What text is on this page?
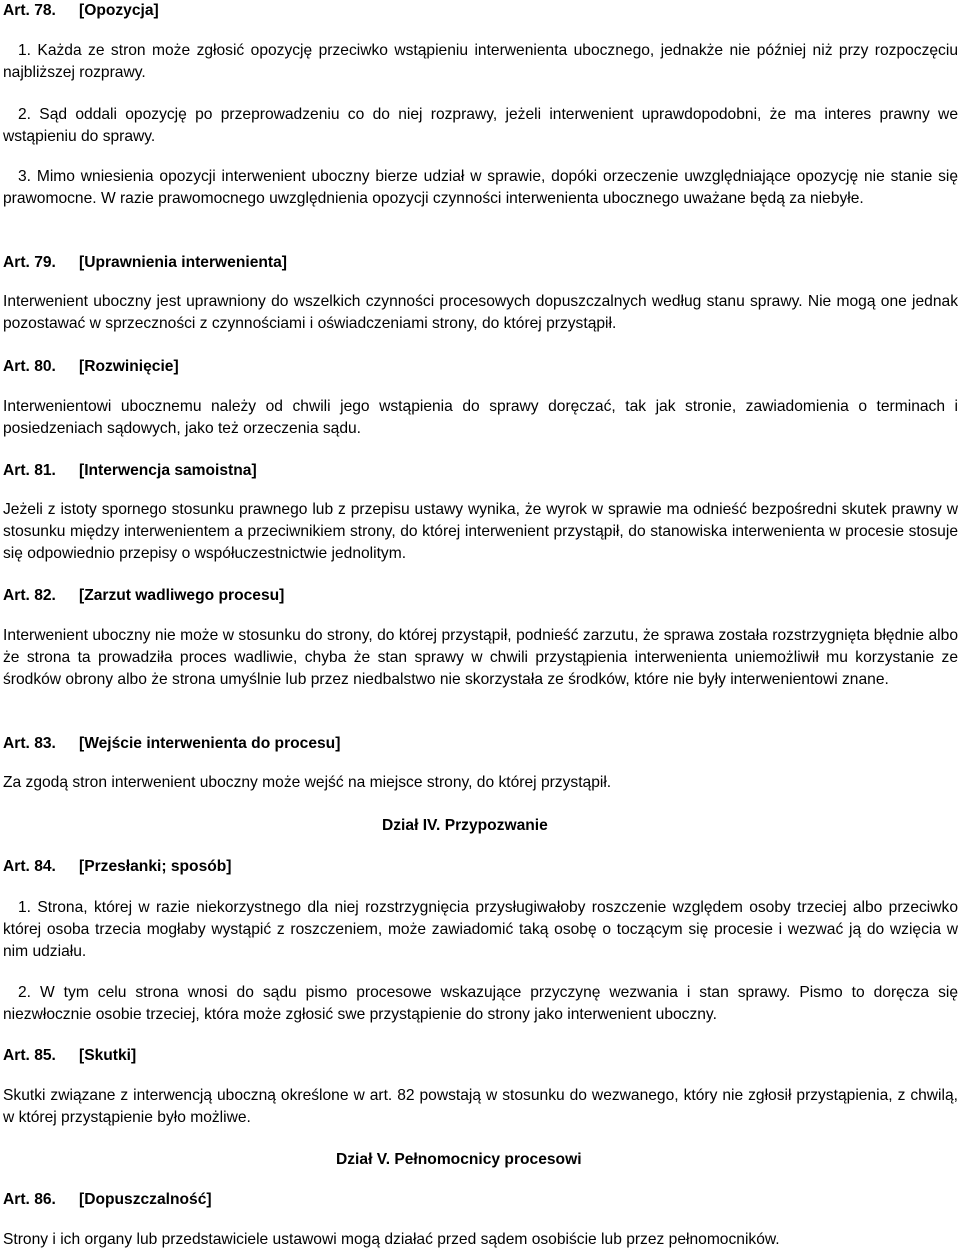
Art. 78. [Opozycja]

1. Każda ze stron może zgłosić opozycję przeciwko wstąpieniu interwenienta ubocznego, jednakże nie później niż przy rozpoczęciu najbliższej rozprawy.

2. Sąd oddali opozycję po przeprowadzeniu co do niej rozprawy, jeżeli interwenient uprawdopodobni, że ma interes prawny we wstąpieniu do sprawy.

3. Mimo wniesienia opozycji interwenient uboczny bierze udział w sprawie, dopóki orzeczenie uwzględniające opozycję nie stanie się prawomocne. W razie prawomocnego uwzględnienia opozycji czynności interwenienta ubocznego uważane będą za niebyłe.

Art. 79. [Uprawnienia interwenienta]

Interwenient uboczny jest uprawniony do wszelkich czynności procesowych dopuszczalnych według stanu sprawy. Nie mogą one jednak pozostawać w sprzeczności z czynnościami i oświadczeniami strony, do której przystąpił.

Art. 80. [Rozwinięcie]

Interwenientowi ubocznemu należy od chwili jego wstąpienia do sprawy doręczać, tak jak stronie, zawiadomienia o terminach i posiedzeniach sądowych, jako też orzeczenia sądu.

Art. 81. [Interwencja samoistna]

Jeżeli z istoty spornego stosunku prawnego lub z przepisu ustawy wynika, że wyrok w sprawie ma odnieść bezpośredni skutek prawny w stosunku między interwenientem a przeciwnikiem strony, do której interwenient przystąpił, do stanowiska interwenienta w procesie stosuje się odpowiednio przepisy o współuczestnictwie jednolitym.

Art. 82. [Zarzut wadliwego procesu]

Interwenient uboczny nie może w stosunku do strony, do której przystąpił, podnieść zarzutu, że sprawa została rozstrzygnięta błędnie albo że strona ta prowadziła proces wadliwie, chyba że stan sprawy w chwili przystąpienia interwenienta uniemożliwił mu korzystanie ze środków obrony albo że strona umyślnie lub przez niedbalstwo nie skorzystała ze środków, które nie były interwenientowi znane.

Art. 83. [Wejście interwenienta do procesu]

Za zgodą stron interwenient uboczny może wejść na miejsce strony, do której przystąpił.

Dział IV. Przypozwanie
Art. 84. [Przesłanki; sposób]

1. Strona, której w razie niekorzystnego dla niej rozstrzygnięcia przysługiwałoby roszczenie względem osoby trzeciej albo przeciwko której osoba trzecia mogłaby wystąpić z roszczeniem, może zawiadomić taką osobę o toczącym się procesie i wezwać ją do wzięcia w nim udziału.

2. W tym celu strona wnosi do sądu pismo procesowe wskazujące przyczynę wezwania i stan sprawy. Pismo to doręcza się niezwłocznie osobie trzeciej, która może zgłosić swe przystąpienie do strony jako interwenient uboczny.

Art. 85. [Skutki]

Skutki związane z interwencją uboczną określone w art. 82 powstają w stosunku do wezwanego, który nie zgłosił przystąpienia, z chwilą, w której przystąpienie było możliwe.

Dział V. Pełnomocnicy procesowi
Art. 86. [Dopuszczalność]

Strony i ich organy lub przedstawiciele ustawowi mogą działać przed sądem osobiście lub przez pełnomocników.
